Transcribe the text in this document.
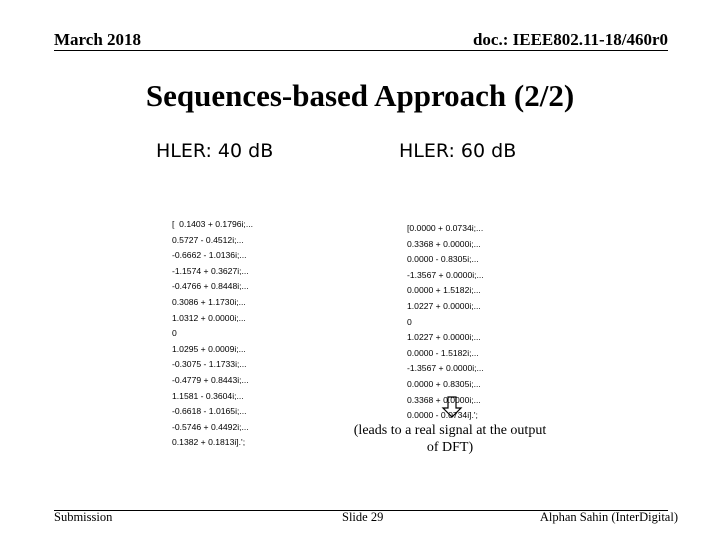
March 2018	doc.: IEEE802.11-18/460r0
Sequences-based Approach (2/2)
HLER: 40 dB	HLER: 60 dB
[  0.1403 + 0.1796i;...
0.5727 - 0.4512i;...
-0.6662 - 1.0136i;...
-1.1574 + 0.3627i;...
-0.4766 + 0.8448i;...
0.3086 + 1.1730i;...
1.0312 + 0.0000i;...
0
1.0295 + 0.0009i;...
-0.3075 - 1.1733i;...
-0.4779 + 0.8443i;...
1.1581 - 0.3604i;...
-0.6618 - 1.0165i;...
-0.5746 + 0.4492i;...
0.1382 + 0.1813i].';
[0.0000 + 0.0734i;...
0.3368 + 0.0000i;...
0.0000 - 0.8305i;...
-1.3567 + 0.0000i;...
0.0000 + 1.5182i;...
1.0227 + 0.0000i;...
0
1.0227 + 0.0000i;...
0.0000 - 1.5182i;...
-1.3567 + 0.0000i;...
0.0000 + 0.8305i;...
0.3368 + 0.0000i;...
0.0000 - 0.0734i].';
(leads to a real signal at the output of DFT)
Submission	Slide 29	Alphan Sahin (InterDigital)
